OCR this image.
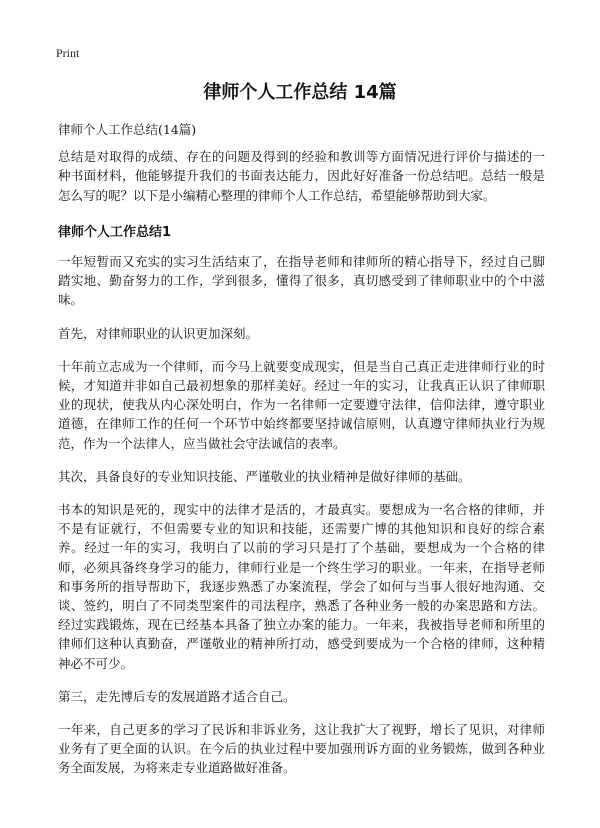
Print
律师个人工作总结 14篇

律师个人工作总结(14篇)

总结是对取得的成绩、存在的问题及得到的经验和教训等方面情况进行评价与描述的一种书面材料，他能够提升我们的书面表达能力，因此好好准备一份总结吧。总结一般是怎么写的呢？以下是小编精心整理的律师个人工作总结，希望能够帮助到大家。

律师个人工作总结1

一年短暂而又充实的实习生活结束了，在指导老师和律师所的精心指导下，经过自己脚踏实地、勤奋努力的工作，学到很多，懂得了很多，真切感受到了律师职业中的个中滋味。

首先，对律师职业的认识更加深刻。

十年前立志成为一个律师，而今马上就要变成现实，但是当自己真正走进律师行业的时候，才知道并非如自己最初想象的那样美好。经过一年的实习，让我真正认识了律师职业的现状，使我从内心深处明白，作为一名律师一定要遵守法律，信仰法律，遵守职业道德，在律师工作的任何一个环节中始终都要坚持诚信原则，认真遵守律师执业行为规范，作为一个法律人，应当做社会守法诚信的表率。

其次，具备良好的专业知识技能、严谨敬业的执业精神是做好律师的基础。

书本的知识是死的，现实中的法律才是活的，才最真实。要想成为一名合格的律师，并不是有证就行，不但需要专业的知识和技能，还需要广博的其他知识和良好的综合素养。经过一年的实习，我明白了以前的学习只是打了个基础，要想成为一个合格的律师，必须具备终身学习的能力，律师行业是一个终生学习的职业。一年来，在指导老师和事务所的指导帮助下，我逐步熟悉了办案流程，学会了如何与当事人很好地沟通、交谈、签约，明白了不同类型案件的司法程序，熟悉了各种业务一般的办案思路和方法。经过实践锻炼，现在已经基本具备了独立办案的能力。一年来，我被指导老师和所里的律师们这种认真勤奋，严谨敬业的精神所打动，感受到要成为一个合格的律师，这种精神必不可少。

第三，走先博后专的发展道路才适合自己。

一年来，自己更多的学习了民诉和非诉业务，这让我扩大了视野，增长了见识，对律师业务有了更全面的认识。在今后的执业过程中要加强刑诉方面的业务锻炼，做到各种业务全面发展，为将来走专业道路做好准备。
